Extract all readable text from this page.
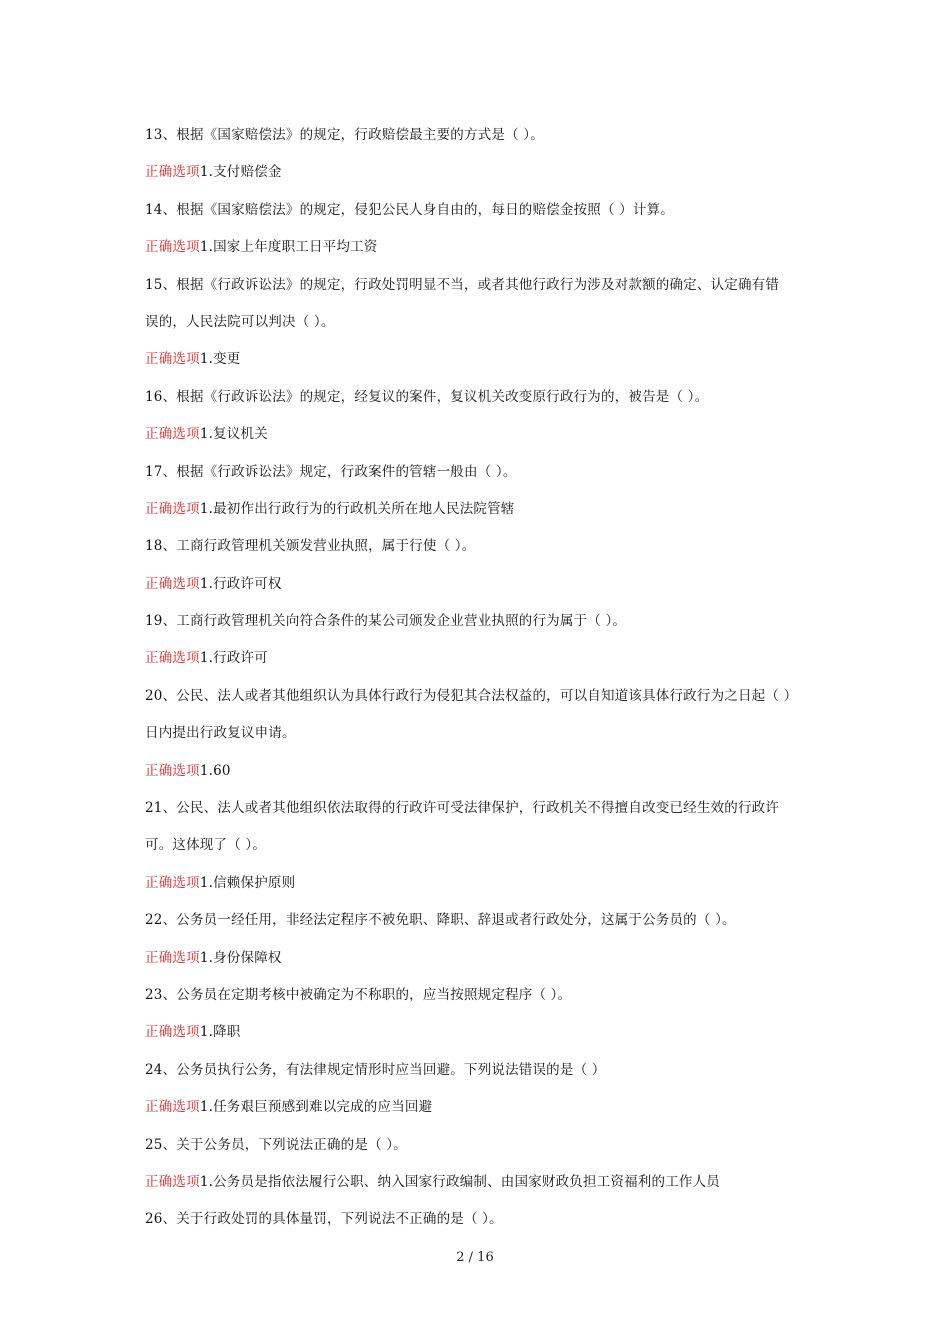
13、根据《国家赔偿法》的规定，行政赔偿最主要的方式是（ ）。
正确选项1.支付赔偿金
14、根据《国家赔偿法》的规定，侵犯公民人身自由的，每日的赔偿金按照（ ）计算。
正确选项1.国家上年度职工日平均工资
15、根据《行政诉讼法》的规定，行政处罚明显不当，或者其他行政行为涉及对款额的确定、认定确有错
误的，人民法院可以判决（ ）。
正确选项1.变更
16、根据《行政诉讼法》的规定，经复议的案件，复议机关改变原行政行为的，被告是（ ）。
正确选项1.复议机关
17、根据《行政诉讼法》规定，行政案件的管辖一般由（ ）。
正确选项1.最初作出行政行为的行政机关所在地人民法院管辖
18、工商行政管理机关颁发营业执照，属于行使（ ）。
正确选项1.行政许可权
19、工商行政管理机关向符合条件的某公司颁发企业营业执照的行为属于（ ）。
正确选项1.行政许可
20、公民、法人或者其他组织认为具体行政行为侵犯其合法权益的，可以自知道该具体行政行为之日起（ ）
日内提出行政复议申请。
正确选项1.60
21、公民、法人或者其他组织依法取得的行政许可受法律保护，行政机关不得擅自改变已经生效的行政许
可。这体现了（ ）。
正确选项1.信赖保护原则
22、公务员一经任用，非经法定程序不被免职、降职、辞退或者行政处分，这属于公务员的（ ）。
正确选项1.身份保障权
23、公务员在定期考核中被确定为不称职的，应当按照规定程序（ ）。
正确选项1.降职
24、公务员执行公务，有法律规定情形时应当回避。下列说法错误的是（ ）
正确选项1.任务艰巨预感到难以完成的应当回避
25、关于公务员，下列说法正确的是（ ）。
正确选项1.公务员是指依法履行公职、纳入国家行政编制、由国家财政负担工资福利的工作人员
26、关于行政处罚的具体量罚，下列说法不正确的是（ ）。
2 / 16
